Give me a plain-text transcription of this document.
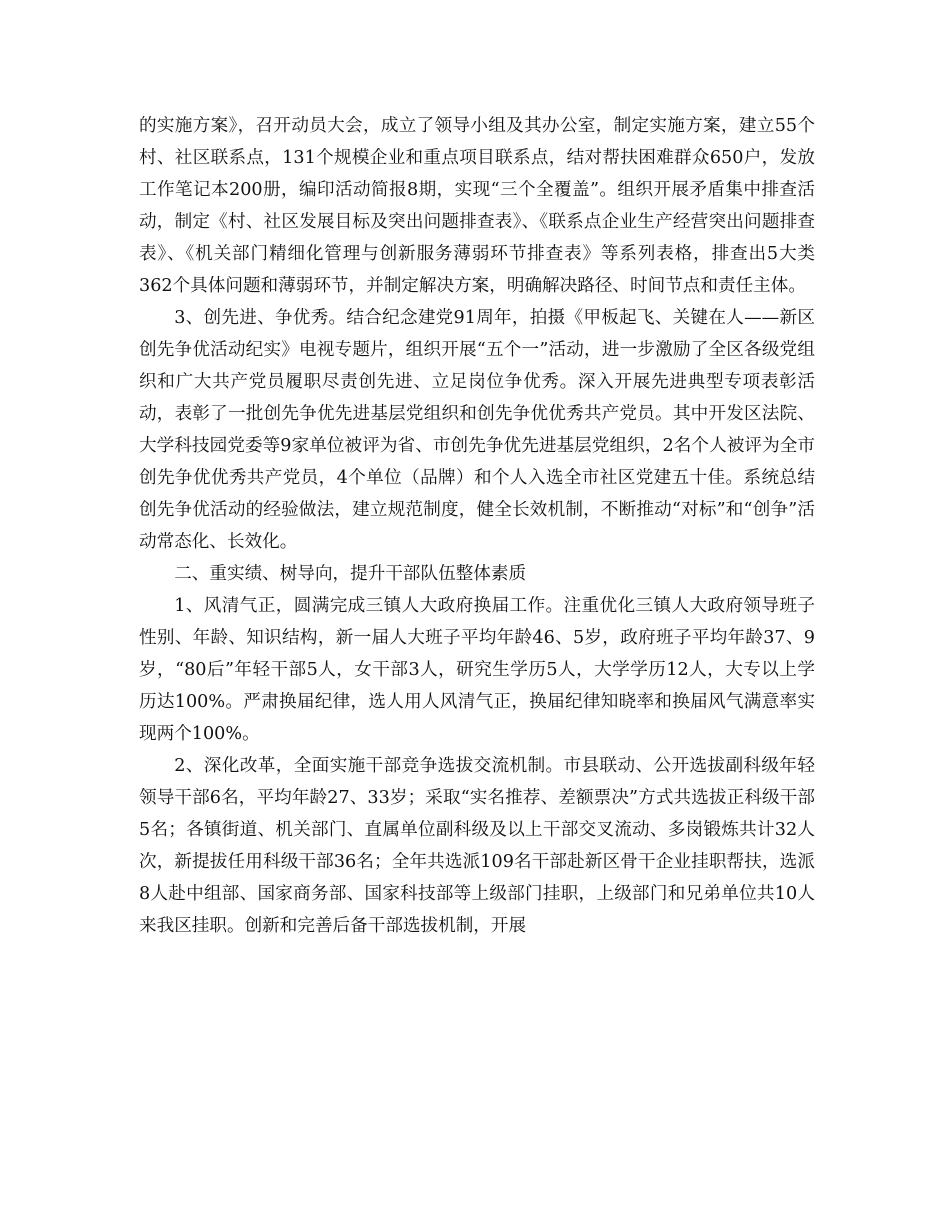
的实施方案》，召开动员大会，成立了领导小组及其办公室，制定实施方案，建立55个村、社区联系点，131个规模企业和重点项目联系点，结对帮扶困难群众650户，发放工作笔记本200册，编印活动简报8期，实现“三个全覆盖”。组织开展矛盾集中排查活动，制定《村、社区发展目标及突出问题排查表》、《联系点企业生产经营突出问题排查表》、《机关部门精细化管理与创新服务薄弱环节排查表》等系列表格，排查出5大类362个具体问题和薄弱环节，并制定解决方案，明确解决路径、时间节点和责任主体。

3、创先进、争优秀。结合纪念建党91周年，拍摄《甲板起飞、关键在人——新区创先争优活动纪实》电视专题片，组织开展“五个一”活动，进一步激励了全区各级党组织和广大共产党员履职尽责创先进、立足岗位争优秀。深入开展先进典型专项表彰活动，表彰了一批创先争优先进基层党组织和创先争优优秀共产党员。其中开发区法院、大学科技园党委等9家单位被评为省、市创先争优先进基层党组织，2名个人被评为全市创先争优优秀共产党员，4个单位（品牌）和个人入选全市社区党建五十佳。系统总结创先争优活动的经验做法，建立规范制度，健全长效机制，不断推动“对标”和“创争”活动常态化、长效化。

二、重实绩、树导向，提升干部队伍整体素质

1、风清气正，圆满完成三镇人大政府换届工作。注重优化三镇人大政府领导班子性别、年龄、知识结构，新一届人大班子平均年龄46、5岁，政府班子平均年龄37、9岁，“80后”年轻干部5人，女干部3人，研究生学历5人，大学学历12人，大专以上学历达100%。严肃换届纪律，选人用人风清气正，换届纪律知晓率和换届风气满意率实现两个100%。

2、深化改革，全面实施干部竞争选拔交流机制。市县联动、公开选拔副科级年轻领导干部6名，平均年龄27、33岁；采取“实名推荐、差额票决”方式共选拔正科级干部5名；各镇街道、机关部门、直属单位副科级及以上干部交叉流动、多岗锻炼共计32人次，新提拔任用科级干部36名；全年共选派109名干部赴新区骨干企业挂职帮扶，选派8人赴中组部、国家商务部、国家科技部等上级部门挂职，上级部门和兄弟单位共10人来我区挂职。创新和完善后备干部选拔机制，开展
